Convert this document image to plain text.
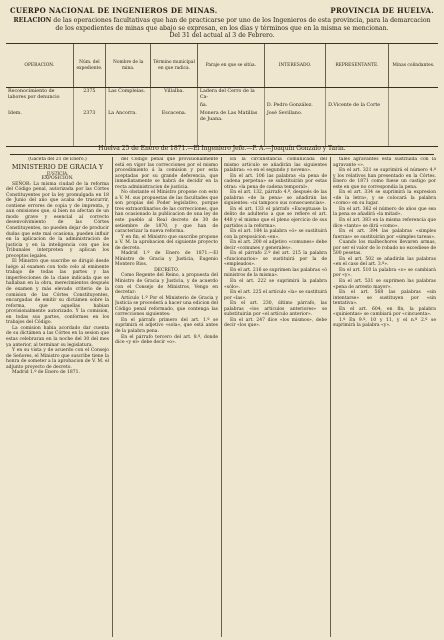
CUERPO NACIONAL DE INGENIEROS DE MINAS.	PROVINCIA DE HUELVA.
RELACION de las operaciones facultativas que han de practicarse por uno de los Ingenieros de esta provincia, para la demarcacion de los expedientes de minas que abajo se expresan, en los dias y términos que en la misma se mencionan.
Del 31 del actual al 3 de Febrero.
OPERACION.	Núm. del expediente.	Nombre de la mina.	Término municipal en que radica.	Paraje en que se sitúa.	INTERESADO.	REPRESENTANTE.	Minas colindantes.
Reconocimiento de labores por denuncio	2375	Las Compleias.	Villalba.	Ladera del Cerro de la Ca-			
				ña.	D. Pedro González.	D.Vicente de la Corte	
Idem.	2373	La Ancorra.	Escacena.	Monera de Las Matillas de Juana.	José Sevillano.		

Huelva 25 de Enero de 1871.—El Ingeniero Jefe.—P. A.—Joaquín Gonzalo y Tarin.

(Gaceta del 21 de Enero.)

MINISTERIO DE GRACIA Y

JUSTICIA.

EXPOSICION.

SEÑOR: La misma ciudad de la reforma del Código penal, autorizada por las Córtes Constituyentes por la ley promulgada en 18 de Junio del año que acaba de trascurrir, contiene errores de copia y de imprenta, y aun omisiones que, si bien no afectan de un modo grave y esencial al correcto desenvolvimiento de las Córtes Constituyentes, no pueden dejar de producir dudas que este mal ocasiona, pueden influir en la aplicacion de la administracion de justicia y en la inteligencia con que los Tribunales interpreten y aplican los preceptos legales.

El Ministro que suscribe se dirigió desde luégo al examen con todo celo al eminente trabajo de todas las partes y las imperfecciones de la clase indicada que se hallaban en la obra, merecimientos después de examen y más elevado criterio de la comision de las Córtes Constituyentes, encargadas de emitir su dictámen sobre la reforma, que aquellas habian provisionalmente autorizado. Y la comision, en todas sus partes, conformes en los trabajos del Código.

La comision habia acordado dar cuenta de su dictámen a las Córtes en la sesion que estas celebraran en la noche del 30 del mes ya anterior, al terminar su legislatura.

Y en su vista y de acuerdo con el Consejo de Señores, el Ministro que suscribe tiene la honra de someter a la aprobacion de V. M. el adjunto proyecto de decreto.

Madrid 1.º de Enero de 1871.

del Código penal que provisionalmente está en vigor las correcciones por el mismo procedimiento á la comision y por esta aceptadas por su grande deferencia, que inmediatamente se habrá de decidir en la recta administracion de justicia.

No obstante el Ministro propone con esto a V. M. sus propuestas de las facultades que son propias del Poder legislativo, porque tres extraordinarios de las correcciones, que han ocasionado la publicacion de una ley de este pueblo al Real decreto de 30 de setiembre de 1870, y que han de caracterizar la nueva reforma.

Y en fin, el Ministro que suscribe propone a V. M. la aprobacion del siguiente proyecto de decreto.

Madrid 1.º de Enero de 1871.—El Ministro de Gracia y Justicia, Eugenio Montero Rios.

DECRETO.

Como Regente del Reino, a propuesta del Ministro de Gracia y Justicia, y de acuerdo con el Consejo de Ministros, Vengo en decretar:

Artículo 1.º Por el Ministerio de Gracia y Justicia se procederá a hacer una edicion del Código penal reformado, que contenga las correcciones siguientes:

En el párrafo primero del art. 1.º se suprimirá el adjetivo «sola», que está antes de la palabra pena.

En el párrafo tercero del art. 8.º, donde dice «y el» debe decir «o».

En la circunstancia comunicada del mismo artículo se añadirán las siguientes palabras: «o en el segundo y noveno».

En el art. 106 las palabras «la pena de cadena perpetua» se substituirán por estas otras: «la pena de cadena temporal».

En el art. 132, párrafo 4.º, después de las palabras «de la pena» se añadirán las siguientes: «ni tampoco sus consecuencias».

En el art. 133 el párrafo «Exceptuase la delito de adulterio a que se refiere el art. 448 y el mismo que el pleno ejercicio de sus partidos a la reforma».

En el art. 184 la palabra «ó» se sustituirá con la preposicion «en».

En el art. 200 el adjetivo «comunes» debe decir «comunes y generales».

En el párrafo 2.º del art. 215 la palabra «funcionarios» se sustituirá por la de «empleados».

En el art. 216 se suprimen las palabras «ó ministros de la misma».

En el art. 222 se suprimirá la palabra «sólo».

En el art. 225 el artículo «la» se sustituirá por «las».

En el art. 230, último párrafo, las palabras «los artículos anteriores» se substituirán por «el artículo anterior».

En el art. 247 dice «los mismos», debe decir «los que».

tales agravantes está sustituida con la agravante «».

En el art. 321 se suprimirá el número 4.º y los relativos han presentado en la Córtes. Enero de 1871 como fuese un castigo por este en que no correspondia la pena.

En el art. 334 se suprimirá la expresion «de la letra», y se colocará la palabra «como» en su lugar.

En el art. 362 el número de años que sea la pena se añadirá «la mitad».

En el art. 383 en la misma referencia que dice «tanto» se dirá «como».

En el art. 394 las palabras «simples fuerzas» se sustituirán por «simples tareas».

Cuando los malhechores llevaren armas, por ser el valor de lo robado no excediese de 500 pesetas.

En el art. 502 se añadirán las palabras «en el caso del art. 3.º».

En el art. 510 la palabra «o» se cambiará por «y».

En el art. 531 se suprimen las palabras «pena de arresto mayor».

En el art. 568 las palabras «sin intentarse» se sustituyen por «sin tentativa».

En el art. 604, en fin, la palabra «quinientas» se cambiará por «cincuenta».

1.º En 9.º, 10 y 11, y el n.º 2.º se suprimirá la palabra «y».
